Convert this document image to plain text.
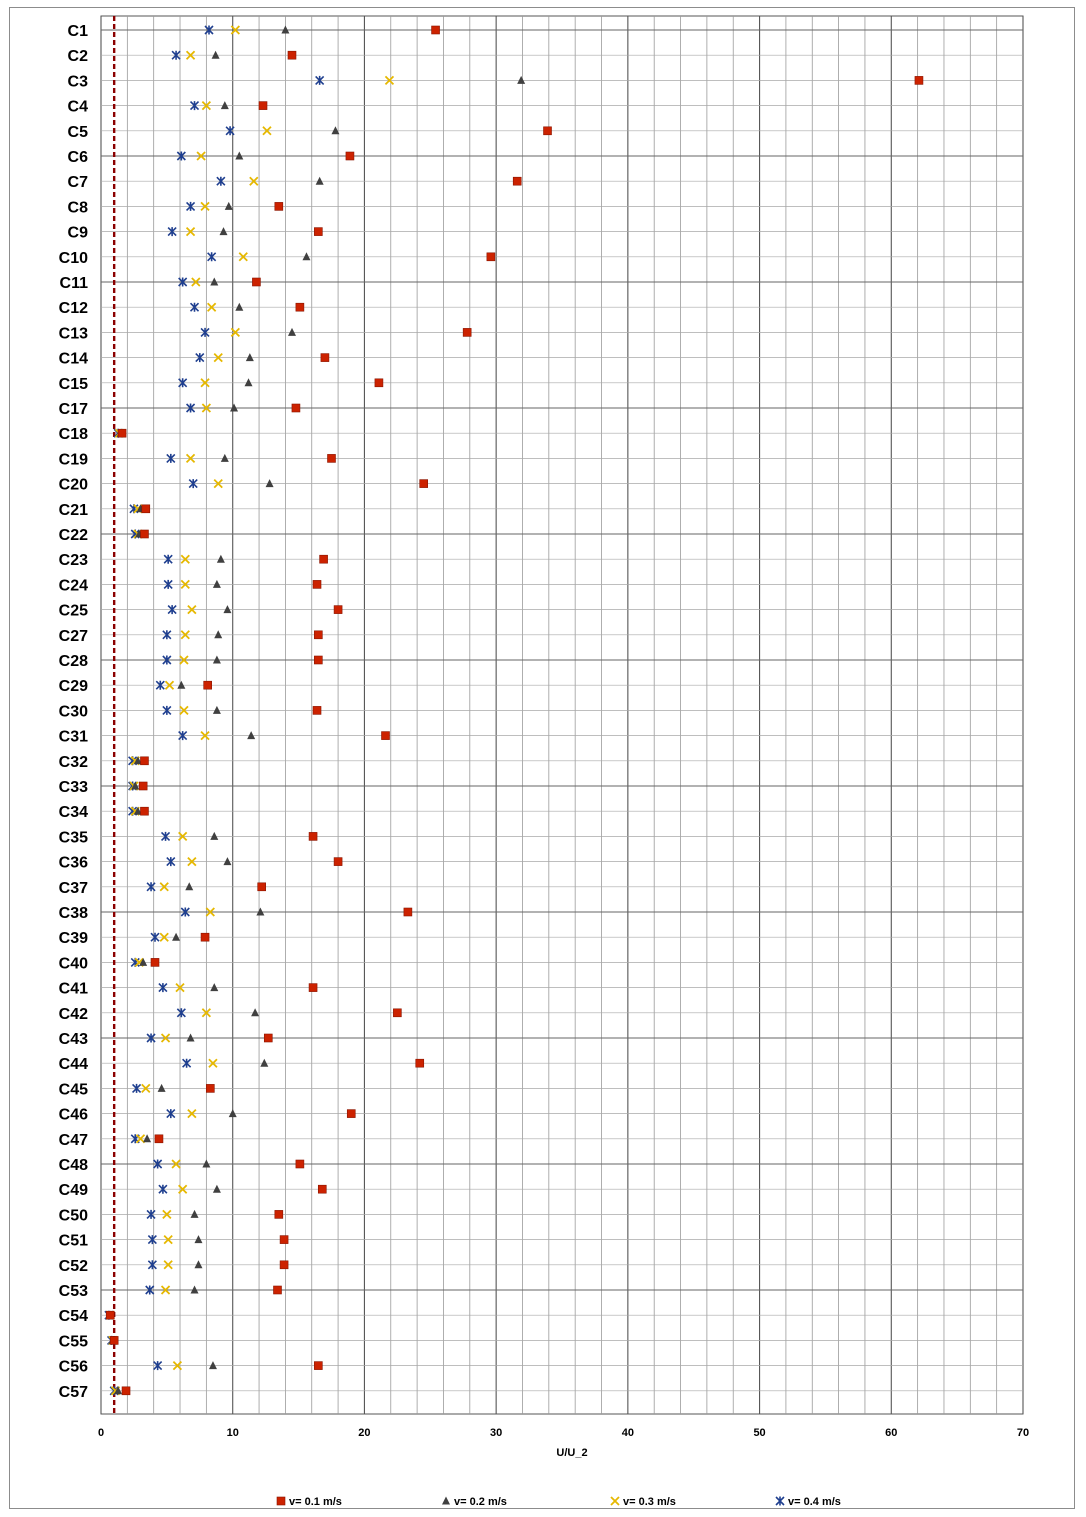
C1
C2
C3
C4
C5
C6
C7
C8
C9
C10
C11
C12
C13
C14
C15
C17
C18
C19
C20
C21
C22
C23
C24
C25
C27
C28
C29
C30
C31
C32
C33
C34
C35
C36
C37
C38
C39
C40
C41
C42
C43
C44
C45
C46
C47
C48
C49
C50
C51
C52
C53
C54
C55
C56
C57
0	10	20	30	40	50	60	70
U/U_2
v= 0.1 m/s	v= 0.2 m/s	v= 0.3 m/s	v= 0.4 m/s
